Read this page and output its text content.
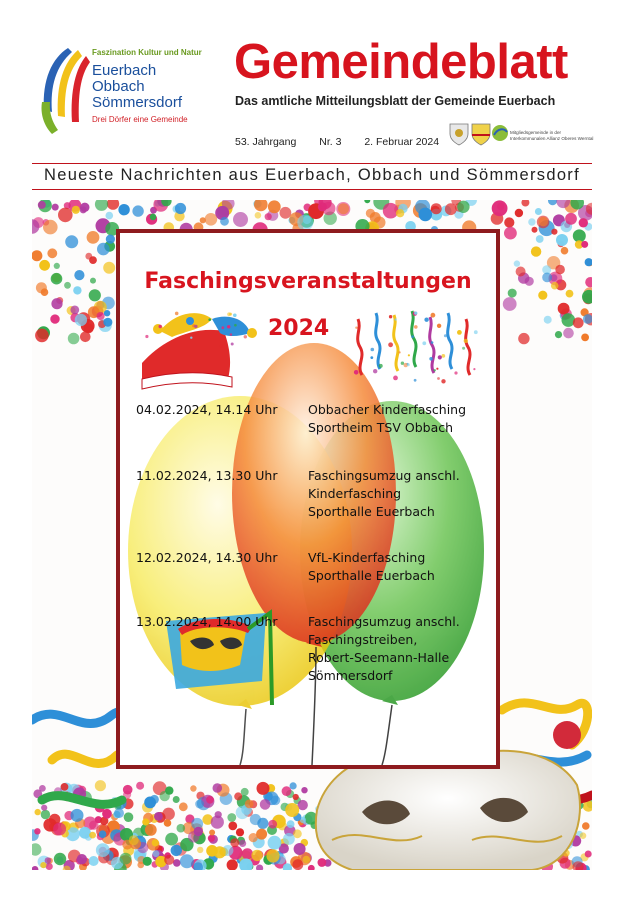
Faszination Kultur und Natur
Euerbach
Obbach
Sömmersdorf
Drei Dörfer eine Gemeinde
Gemeindeblatt
Das amtliche Mitteilungsblatt der Gemeinde Euerbach
53. Jahrgang Nr. 3 2. Februar 2024
Mitgliedsgemeinde in der
Interkommunalen Allianz Oberes Werntal
Neueste Nachrichten aus Euerbach, Obbach und Sömmersdorf
Faschingsveranstaltungen
2024
04.02.2024, 14.14 Uhr Obbacher Kinderfasching
Sportheim TSV Obbach
11.02.2024, 13.30 Uhr Faschingsumzug anschl.
Kinderfasching
Sporthalle Euerbach
12.02.2024, 14.30 Uhr VfL-Kinderfasching
Sporthalle Euerbach
13.02.2024, 14.00 Uhr Faschingsumzug anschl.
Faschingstreiben,
Robert-Seemann-Halle
Sömmersdorf
